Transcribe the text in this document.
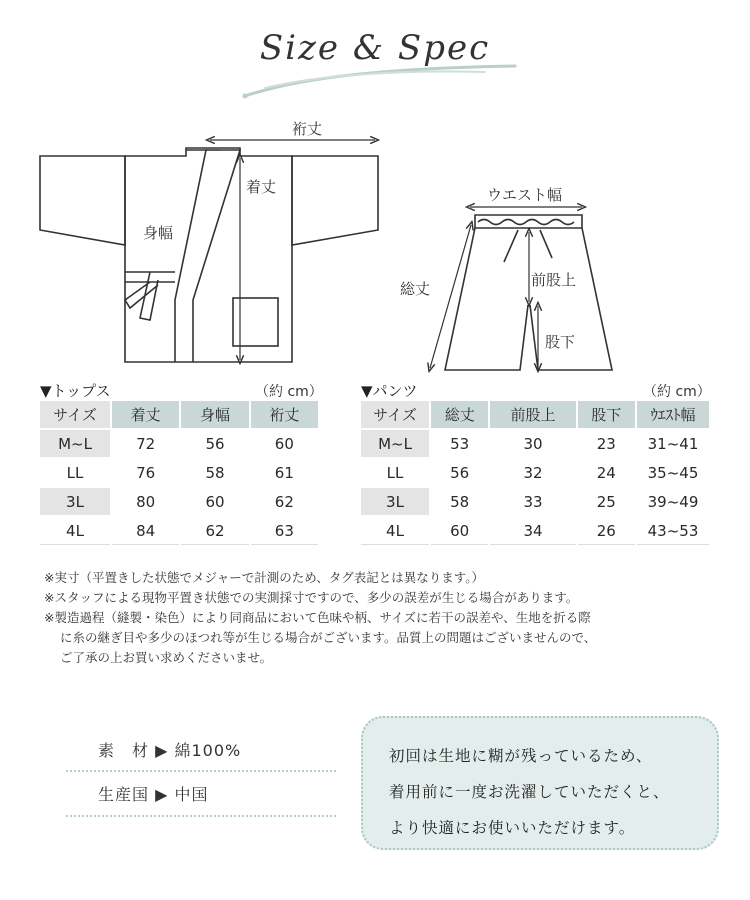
Size & Spec
裄丈
着丈
身幅
ウエスト幅
総丈	前股上
股下
▼トップス	（約 cm）
サイズ	着丈	身幅	裄丈
M~L	72	56	60
LL	76	58	61
3L	80	60	62
4L	84	62	63
▼パンツ	（約 cm）
サイズ	総丈	前股上	股下	ｳｴｽﾄ幅
M~L	53	30	23	31~41
LL	56	32	24	35~45
3L	58	33	25	39~49
4L	60	34	26	43~53

※実寸（平置きした状態でメジャーで計測のため、タグ表記とは異なります。）

※スタッフによる現物平置き状態での実測採寸ですので、多少の誤差が生じる場合があります。

※製造過程（縫製・染色）により同商品において色味や柄、サイズに若干の誤差や、生地を折る際

に糸の継ぎ目や多少のほつれ等が生じる場合がございます。品質上の問題はございませんので、

ご了承の上お買い求めくださいませ。

素　材 ▶ 綿100%
生産国 ▶ 中国

初回は生地に糊が残っているため、

着用前に一度お洗濯していただくと、

より快適にお使いいただけます。
